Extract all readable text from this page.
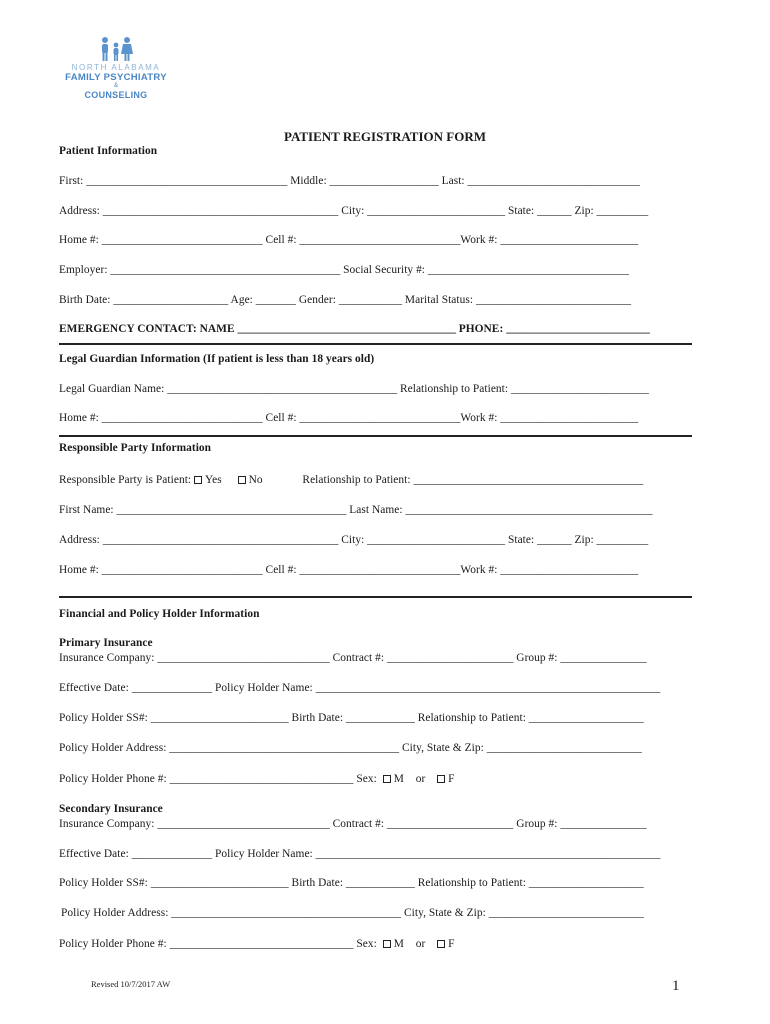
NORTH ALABAMA
FAMILY PSYCHIATRY
&
COUNSELING
PATIENT REGISTRATION FORM
Patient Information
First: ___________________________________ Middle: ___________________ Last: ______________________________
Address: _________________________________________ City: ________________________ State: ______ Zip: _________
Home #: ____________________________ Cell #: ____________________________Work #: ________________________
Employer: ________________________________________ Social Security #: ___________________________________
Birth Date: ____________________ Age: _______ Gender: ___________ Marital Status: ___________________________
EMERGENCY CONTACT: NAME ______________________________________ PHONE: _________________________
Legal Guardian Information (If patient is less than 18 years old)
Legal Guardian Name: ________________________________________ Relationship to Patient: ________________________
Home #: ____________________________ Cell #: ____________________________Work #: ________________________
Responsible Party Information
Responsible Party is Patient: Yes No	Relationship to Patient: ________________________________________
First Name: ________________________________________ Last Name: ___________________________________________
Address: _________________________________________ City: ________________________ State: ______ Zip: _________
Home #: ____________________________ Cell #: ____________________________Work #: ________________________
Financial and Policy Holder Information
Primary Insurance
Insurance Company: ______________________________ Contract #: ______________________ Group #: _______________
Effective Date: ______________ Policy Holder Name: ____________________________________________________________
Policy Holder SS#: ________________________ Birth Date: ____________ Relationship to Patient: ____________________
Policy Holder Address: ________________________________________ City, State & Zip: ___________________________
Policy Holder Phone #: ________________________________ Sex: M or F
Secondary Insurance
Insurance Company: ______________________________ Contract #: ______________________ Group #: _______________
Effective Date: ______________ Policy Holder Name: ____________________________________________________________
Policy Holder SS#: ________________________ Birth Date: ____________ Relationship to Patient: ____________________
Policy Holder Address: ________________________________________ City, State & Zip: ___________________________
Policy Holder Phone #: ________________________________ Sex: M or F
Revised 10/7/2017 AW	1
